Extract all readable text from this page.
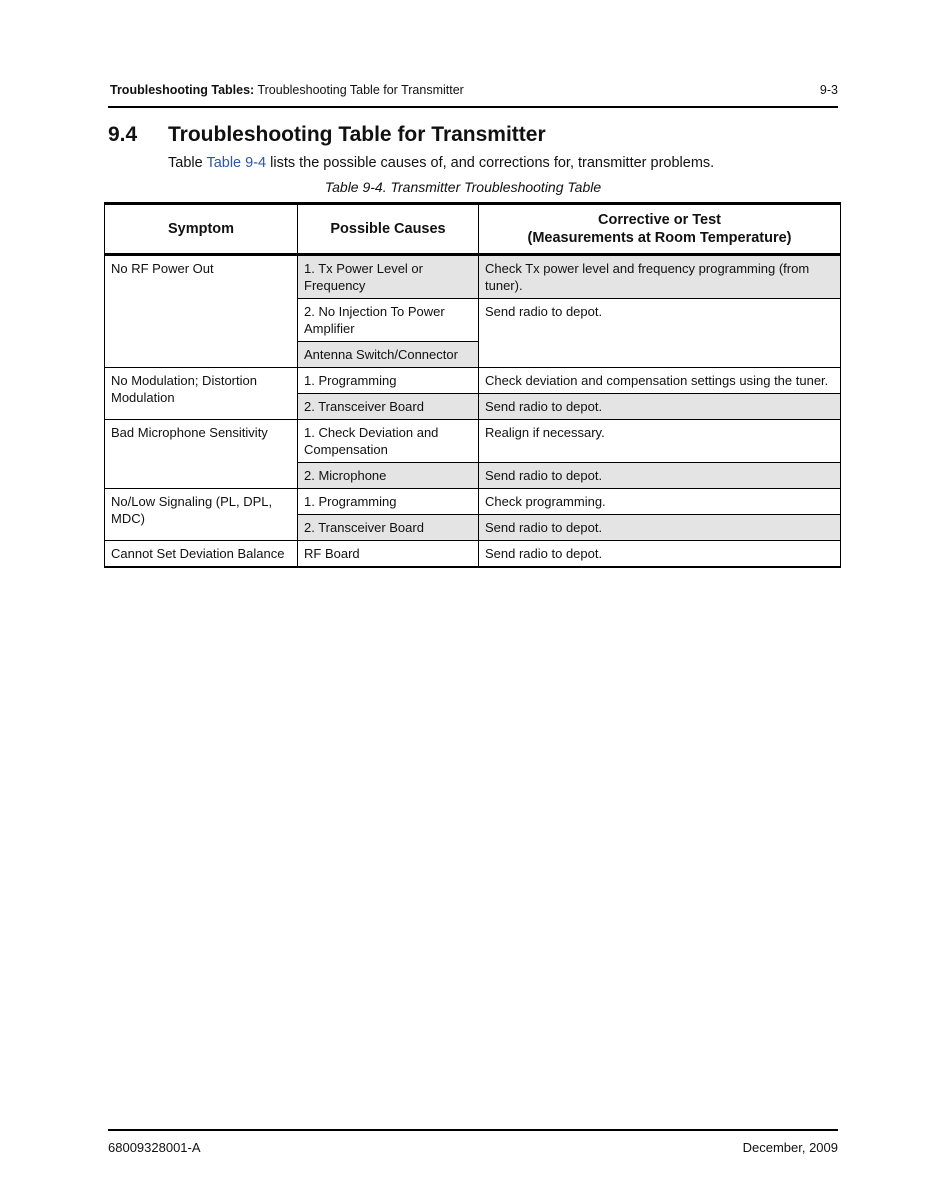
Troubleshooting Tables: Troubleshooting Table for Transmitter	9-3
9.4 Troubleshooting Table for Transmitter
Table Table 9-4 lists the possible causes of, and corrections for, transmitter problems.
Table 9-4. Transmitter Troubleshooting Table
Symptom	Possible Causes	Corrective or Test
(Measurements at Room Temperature)
No RF Power Out	1. Tx Power Level or Frequency	Check Tx power level and frequency programming (from tuner).
	2. No Injection To Power Amplifier	Send radio to depot.
	Antenna Switch/Connector	
No Modulation; Distortion Modulation	1. Programming	Check deviation and compensation settings using the tuner.
	2. Transceiver Board	Send radio to depot.
Bad Microphone Sensitivity	1. Check Deviation and Compensation	Realign if necessary.
	2. Microphone	Send radio to depot.
No/Low Signaling (PL, DPL, MDC)	1. Programming	Check programming.
	2. Transceiver Board	Send radio to depot.
Cannot Set Deviation Balance	RF Board	Send radio to depot.
68009328001-A	December, 2009
